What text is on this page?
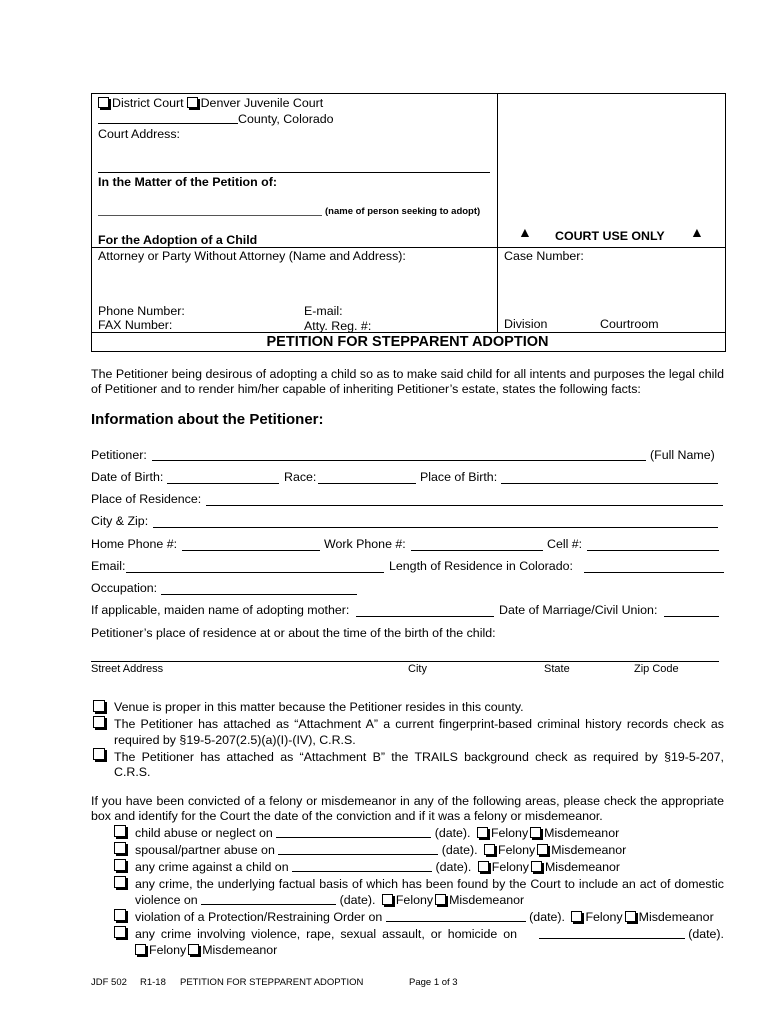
District Court Denver Juvenile Court
County, Colorado
Court Address:
In the Matter of the Petition of:
(name of person seeking to adopt)
For the Adoption of a Child	▲ COURT USE ONLY ▲
Attorney or Party Without Attorney (Name and Address):	Case Number:
Phone Number:	E-mail:
FAX Number:	Atty. Reg. #:	Division	Courtroom
PETITION FOR STEPPARENT ADOPTION
The Petitioner being desirous of adopting a child so as to make said child for all intents and purposes the legal child of Petitioner and to render him/her capable of inheriting Petitioner’s estate, states the following facts:
Information about the Petitioner:
Petitioner:	(Full Name)
Date of Birth:	Race:	Place of Birth:
Place of Residence:
City & Zip:
Home Phone #:	Work Phone #:	Cell #:
Email:	Length of Residence in Colorado:
Occupation:
If applicable, maiden name of adopting mother:	Date of Marriage/Civil Union:
Petitioner’s place of residence at or about the time of the birth of the child:
Street Address	City	State	Zip Code
Venue is proper in this matter because the Petitioner resides in this county.
The Petitioner has attached as “Attachment A” a current fingerprint-based criminal history records check as
required by §19-5-207(2.5)(a)(I)-(IV), C.R.S.
The Petitioner has attached as “Attachment B” the TRAILS background check as required by §19-5-207,
C.R.S.
If you have been convicted of a felony or misdemeanor in any of the following areas, please check the appropriate box and identify for the Court the date of the conviction and if it was a felony or misdemeanor.
child abuse or neglect on	(date). Felony Misdemeanor
spousal/partner abuse on	(date). Felony Misdemeanor
any crime against a child on	(date). Felony Misdemeanor
any crime, the underlying factual basis of which has been found by the Court to include an act of domestic
violence on	(date). Felony Misdemeanor
violation of a Protection/Restraining Order on	(date). Felony Misdemeanor
any crime involving violence, rape, sexual assault, or homicide on	(date).
Felony Misdemeanor
JDF 502 R1-18 PETITION FOR STEPPARENT ADOPTION	Page 1 of 3
